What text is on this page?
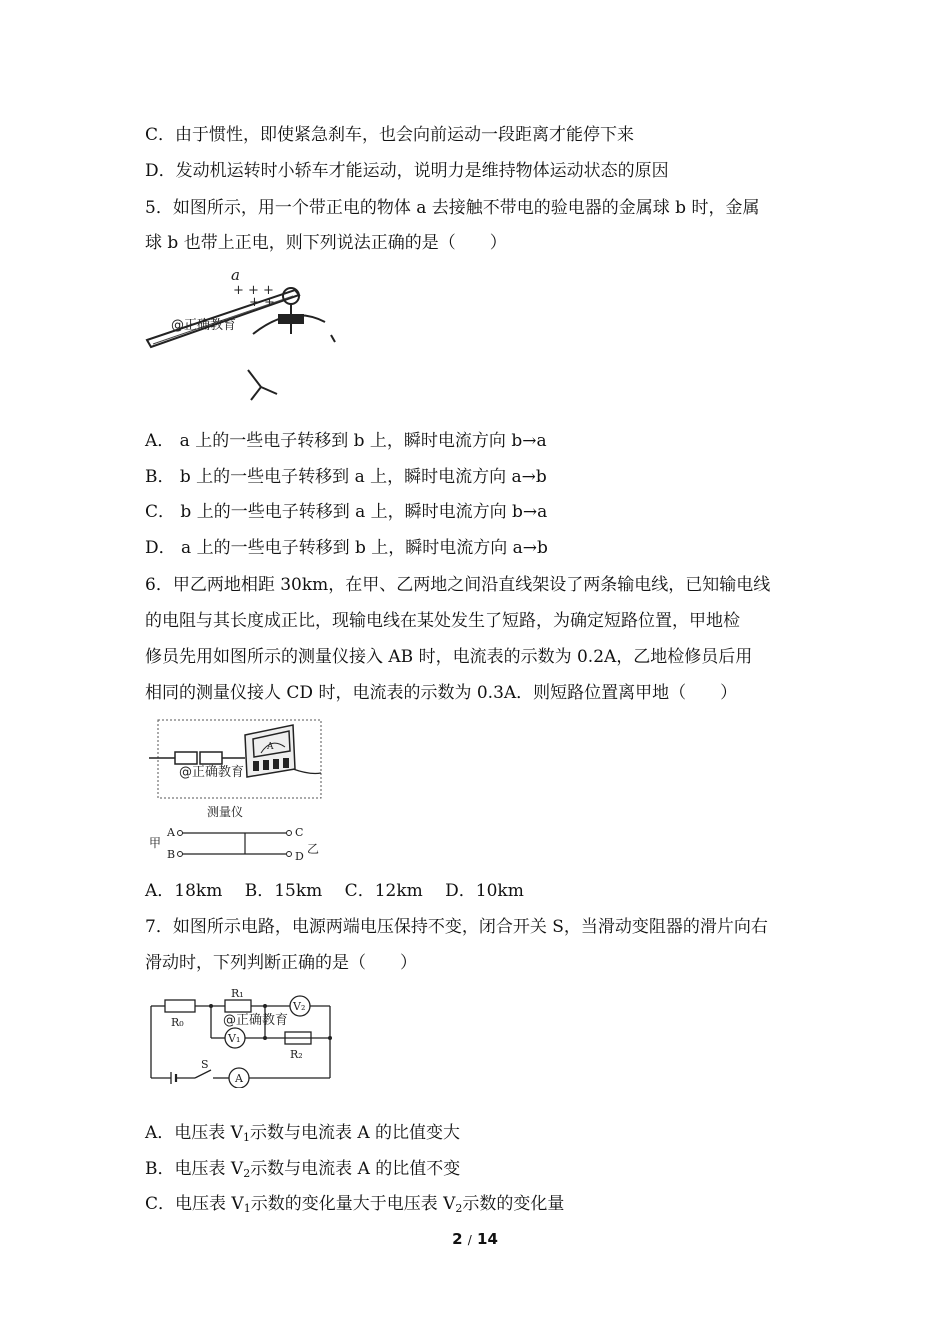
C．由于惯性，即使紧急刹车，也会向前运动一段距离才能停下来
D．发动机运转时小轿车才能运动，说明力是维持物体运动状态的原因
5．如图所示，用一个带正电的物体 a 去接触不带电的验电器的金属球 b 时，金属
球 b 也带上正电，则下列说法正确的是（　　）
a
+ + +
+ +
@正确教育
A． a 上的一些电子转移到 b 上，瞬时电流方向 b→a
B． b 上的一些电子转移到 a 上，瞬时电流方向 a→b
C． b 上的一些电子转移到 a 上，瞬时电流方向 b→a
D． a 上的一些电子转移到 b 上，瞬时电流方向 a→b
6．甲乙两地相距 30km，在甲、乙两地之间沿直线架设了两条输电线，已知输电线
的电阻与其长度成正比，现输电线在某处发生了短路，为确定短路位置，甲地检
修员先用如图所示的测量仪接入 AB 时，电流表的示数为 0.2A，乙地检修员后用
相同的测量仪接人 CD 时，电流表的示数为 0.3A．则短路位置离甲地（　　）
A
@正确教育
测量仪
甲
A
B
C
D
乙
A．18km　 B．15km　 C．12km　 D．10km
7．如图所示电路，电源两端电压保持不变，闭合开关 S，当滑动变阻器的滑片向右
滑动时，下列判断正确的是（　　）
R₀
R₁
V₂
V₁
R₂
S
A
@正确教育
A．电压表 $V_1$示数与电流表 A 的比值变大
B．电压表 $V_2$示数与电流表 A 的比值不变
C．电压表 $V_1$示数的变化量大于电压表 $V_2$示数的变化量
2 / 14
